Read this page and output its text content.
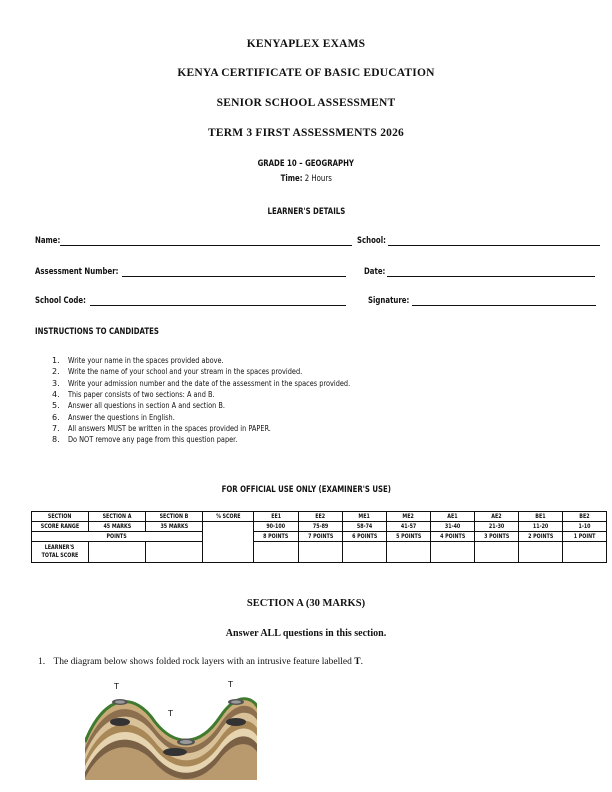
KENYAPLEX EXAMS
KENYA CERTIFICATE OF BASIC EDUCATION
SENIOR SCHOOL ASSESSMENT
TERM 3 FIRST ASSESSMENTS 2026
GRADE 10 – GEOGRAPHY
Time: 2 Hours
LEARNER'S DETAILS
Name:	School:
Assessment Number:	Date:
School Code:	Signature:
INSTRUCTIONS TO CANDIDATES
1. Write your name in the spaces provided above.
2. Write the name of your school and your stream in the spaces provided.
3. Write your admission number and the date of the assessment in the spaces provided.
4. This paper consists of two sections: A and B.
5. Answer all questions in section A and section B.
6. Answer the questions in English.
7. All answers MUST be written in the spaces provided in PAPER.
8. Do NOT remove any page from this question paper.
FOR OFFICIAL USE ONLY (EXAMINER'S USE)
SECTION	SECTION A	SECTION B	% SCORE	EE1	EE2	ME1	ME2	AE1	AE2	BE1	BE2
SCORE RANGE	45 MARKS	35 MARKS		90-100	75-89	58-74	41-57	31-40	21-30	11-20	1-10
POINTS				8 POINTS	7 POINTS	6 POINTS	5 POINTS	4 POINTS	3 POINTS	2 POINTS	1 POINT
LEARNER'S
TOTAL SCORE											
SECTION A (30 MARKS)
Answer ALL questions in this section.
1. The diagram below shows folded rock layers with an intrusive feature labelled T.
T
T
T
